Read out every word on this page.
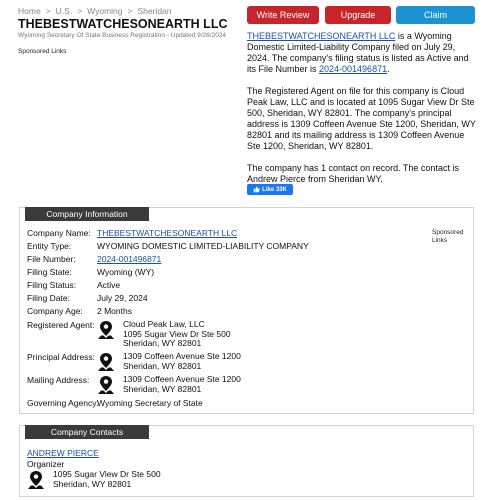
Home > U.S. > Wyoming > Sheridan
THEBESTWATCHESONEARTH LLC
Wyoming Secretary Of State Business Registration - Updated 9/26/2024
Sponsored Links
Write Review	Upgrade	Claim

THEBESTWATCHESONEARTH LLC is a Wyoming Domestic Limited-Liability Company filed on July 29, 2024. The company's filing status is listed as Active and its File Number is 2024-001496871.

The Registered Agent on file for this company is Cloud Peak Law, LLC and is located at 1095 Sugar View Dr Ste 500, Sheridan, WY 82801. The company's principal address is 1309 Coffeen Avenue Ste 1200, Sheridan, WY 82801 and its mailing address is 1309 Coffeen Avenue Ste 1200, Sheridan, WY 82801.

The company has 1 contact on record. The contact is Andrew Pierce from Sheridan WY.

Like 33K
Company Information
Sponsored
Links
Company Name: THEBESTWATCHESONEARTH LLC
Entity Type:	WYOMING DOMESTIC LIMITED-LIABILITY COMPANY
File Number:	2024-001496871
Filing State:	Wyoming (WY)
Filing Status: Active
Filing Date:	July 29, 2024
Company Age: 2 Months
Registered Agent:	Cloud Peak Law, LLC
1095 Sugar View Dr Ste 500
Sheridan, WY 82801
Principal Address:	1309 Coffeen Avenue Ste 1200
Sheridan, WY 82801
Mailing Address:	1309 Coffeen Avenue Ste 1200
Sheridan, WY 82801
Governing Agency:
Wyoming Secretary of State
Company Contacts
ANDREW PIERCE
Organizer
1095 Sugar View Dr Ste 500
Sheridan, WY 82801
